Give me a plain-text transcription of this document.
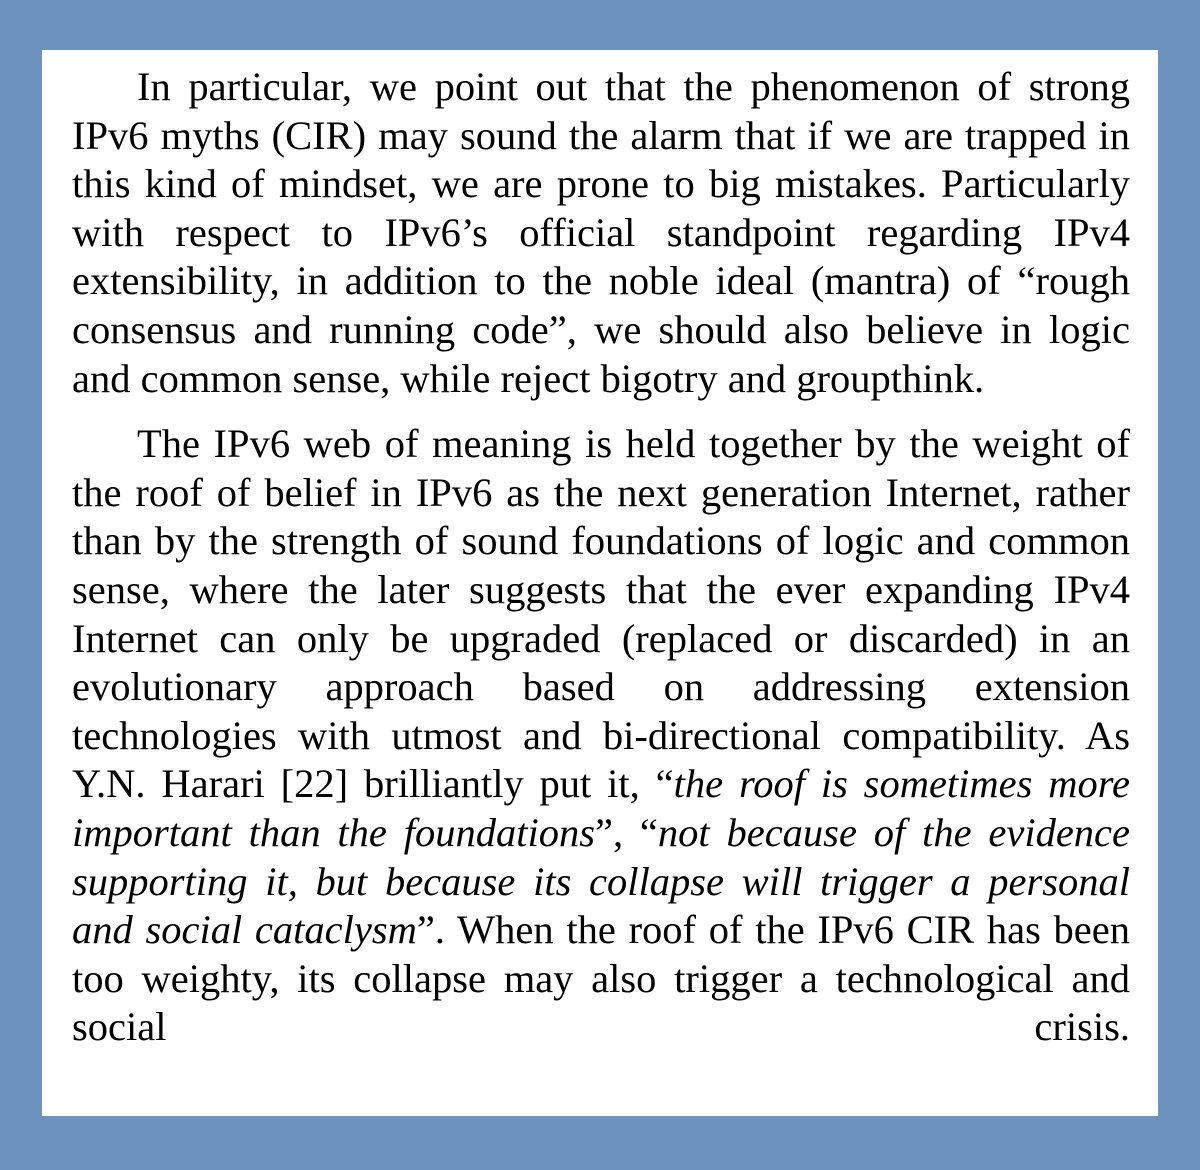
In particular, we point out that the phenomenon of strong IPv6 myths (CIR) may sound the alarm that if we are trapped in this kind of mindset, we are prone to big mistakes. Particularly with respect to IPv6’s official standpoint regarding IPv4 extensibility, in addition to the noble ideal (mantra) of “rough consensus and running code”, we should also believe in logic and common sense, while reject bigotry and groupthink.

The IPv6 web of meaning is held together by the weight of the roof of belief in IPv6 as the next generation Internet, rather than by the strength of sound foundations of logic and common sense, where the later suggests that the ever expanding IPv4 Internet can only be upgraded (replaced or discarded) in an evolutionary approach based on addressing extension technologies with utmost and bi-directional compatibility. As Y.N. Harari [22] brilliantly put it, “the roof is sometimes more important than the foundations”, “not because of the evidence supporting it, but because its collapse will trigger a personal and social cataclysm”. When the roof of the IPv6 CIR has been too weighty, its collapse may also trigger a technological and social crisis.
